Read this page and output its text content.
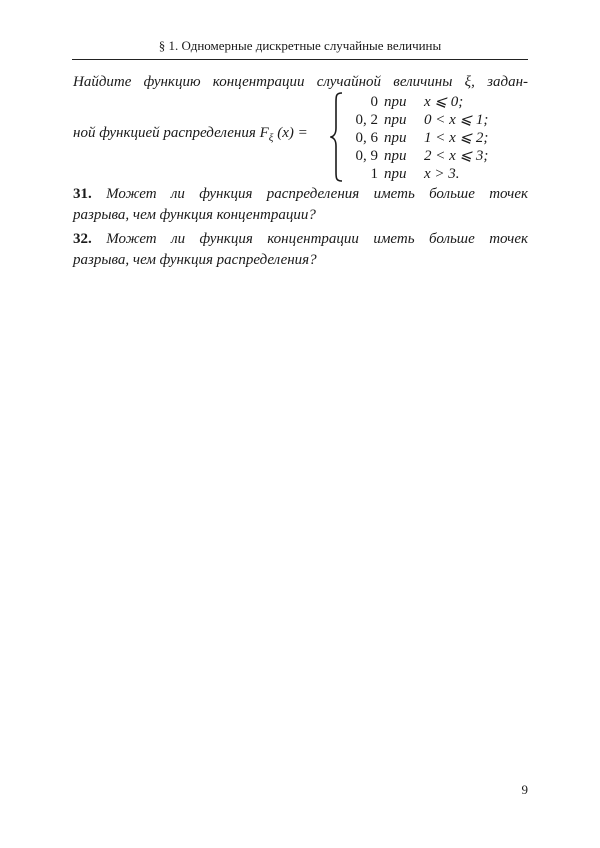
§ 1. Одномерные дискретные случайные величины
Найдите функцию концентрации случайной величины ξ, задан-
ной функцией распределения $F_\xi$ (x) =
0 при x ⩽ 0;
0, 2 при 0 < x ⩽ 1;
0, 6 при 1 < x ⩽ 2;
0, 9 при 2 < x ⩽ 3;
1 при x > 3.
31. Может ли функция распределения иметь больше точек
разрыва, чем функция концентрации?
32. Может ли функция концентрации иметь больше точек
разрыва, чем функция распределения?
9
